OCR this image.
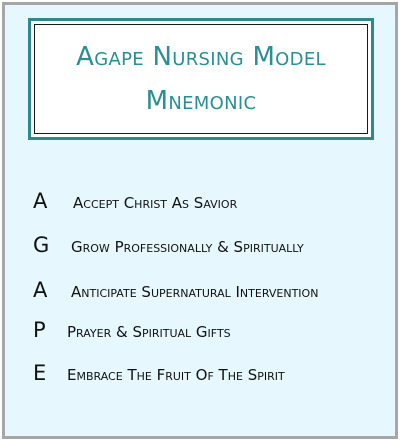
Agape Nursing Model
Mnemonic
A Accept Christ As Savior
G Grow Professionally & Spiritually
A Anticipate Supernatural Intervention
P Prayer & Spiritual Gifts
E Embrace The Fruit Of The Spirit
